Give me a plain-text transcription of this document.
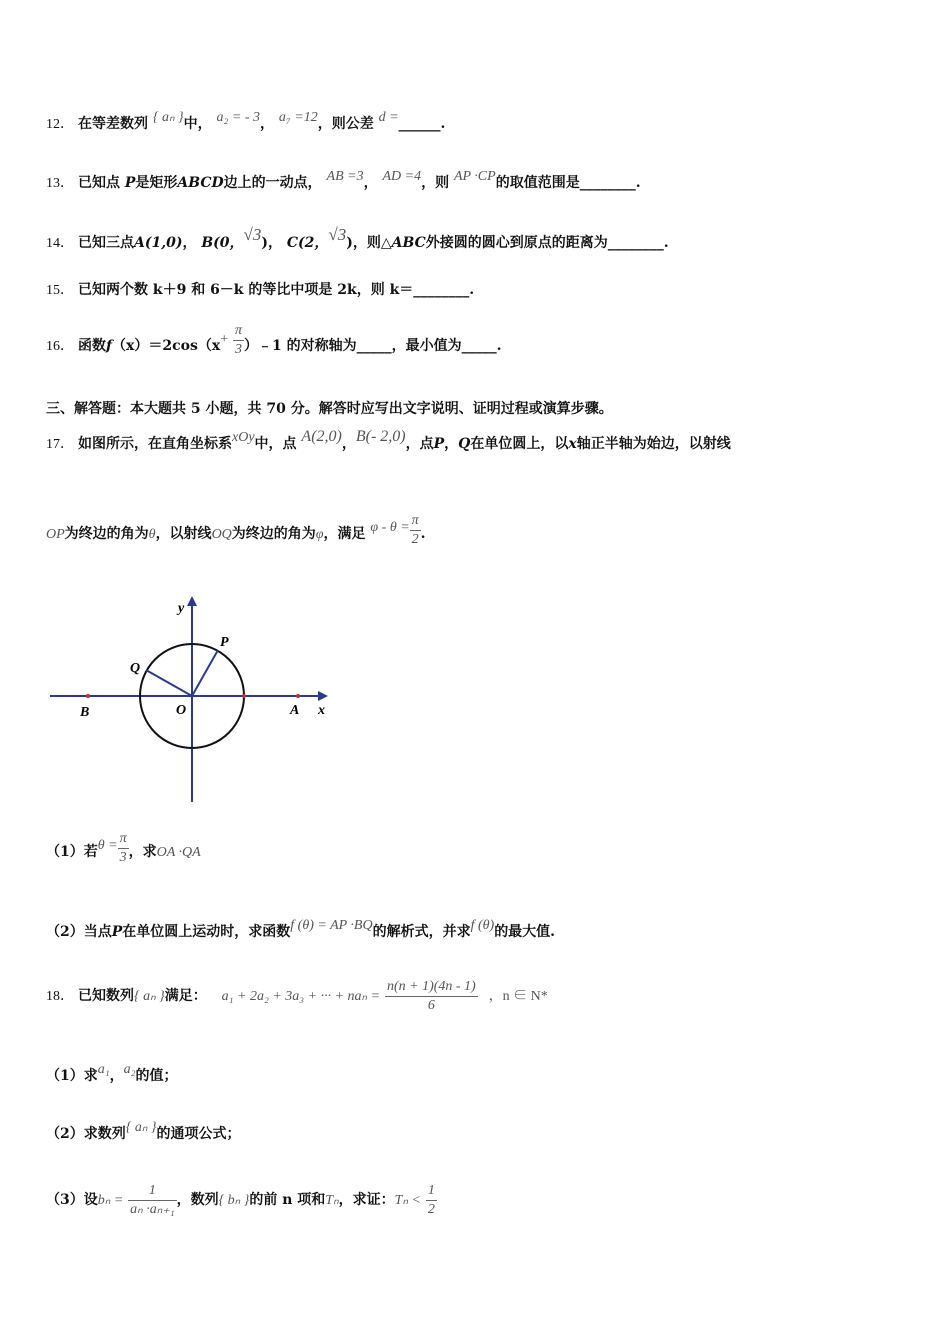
12． 在等差数列 { aₙ }中， a₂ = - 3， a₇ =12，则公差 d =______.
13． 已知点 P是矩形ABCD边上的一动点， AB =3， AD =4，则 AP ·CP的取值范围是________.
14． 已知三点A(1,0)， B(0，√3)， C(2，√3)，则△ABC外接圆的圆心到原点的距离为________.
15． 已知两个数 k＋9 和 6－k 的等比中项是 2k，则 k＝________.
16． 函数$f(x)=2\cos(x+ \frac{\pi}{3}$ ）﹣1 的对称轴为_____，最小值为_____.
三、解答题：本大题共 5 小题，共 70 分。解答时应写出文字说明、证明过程或演算步骤。
17． 如图所示，在直角坐标系xOy中，点 A(2,0)，B(- 2,0)，点P，Q在单位圆上，以x轴正半轴为始边，以射线
OP为终边的角为θ，以射线OQ为终边的角为φ，满足 $\varphi - \theta = \frac{\pi}{2}$ .
y
x
P
Q
O	A
B
（1）若$\theta = \frac{\pi}{3}$ ，求OA ·QA
（2）当点P在单位圆上运动时，求函数f (θ) = AP ·BQ的解析式，并求f (θ)的最大值.
18． 已知数列{ aₙ }满足： a₁ + 2a₂ + 3a₃ + ··· + $na_n = \frac{n(n + 1)(4n - 1)}{6}$ ，n ∈ N*
（1）求a₁，a₂的值；
（2）求数列{ aₙ }的通项公式；
（3）设$b_n = \frac{1}{\text{aₙ ·aₙ₊₁}}$ ，数列{ bₙ }的前 n 项和Tₙ，求证：$T_n < \frac{1}{2}$
